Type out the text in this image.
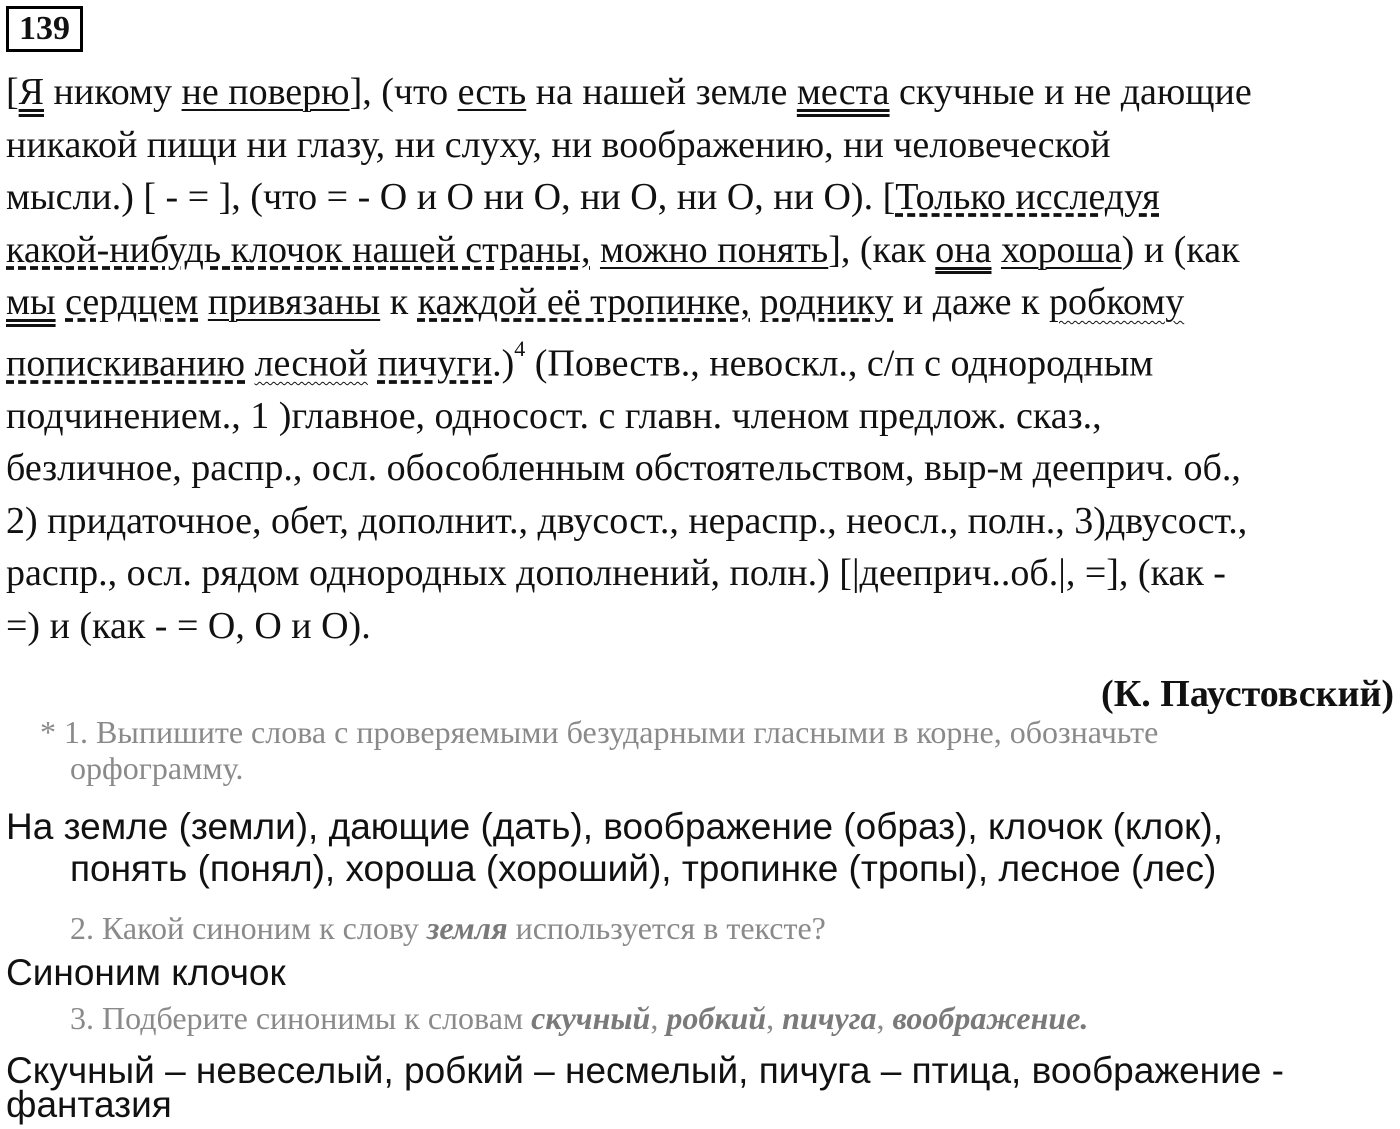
139
[Я никому не поверю], (что есть на нашей земле места скучные и не дающие
никакой пищи ни глазу, ни слуху, ни воображению, ни человеческой
мысли.) [ - = ], (что = - О и О ни О, ни О, ни О, ни О). [Только исследуя
какой-нибудь клочок нашей страны, можно понять], (как она хороша) и (как
мы сердцем привязаны к каждой её тропинке, роднику и даже к робкому
попискиванию лесной пичуги.)$^4$ (Повеств., невоскл., с/п с однородным
подчинением., 1 )главное, односост. с главн. членом предлож. сказ.,
безличное, распр., осл. обособленным обстоятельством, выр-м дееприч. об.,
2) придаточное, обет, дополнит., двусост., нераспр., неосл., полн., 3)двусост.,
распр., осл. рядом однородных дополнений, полн.) [|дееприч..об.|, =], (как -
=) и (как - = О, О и О).
(К. Паустовский)
* 1. Выпишите слова с проверяемыми безударными гласными в корне, обозначьте
орфограмму.
На земле (земли), дающие (дать), воображение (образ), клочок (клок),
понять (понял), хороша (хороший), тропинке (тропы), лесное (лес)
2. Какой синоним к слову земля используется в тексте?
Синоним клочок
3. Подберите синонимы к словам скучный, робкий, пичуга, воображение.
Скучный – невеселый, робкий – несмелый, пичуга – птица, воображение -
фантазия
